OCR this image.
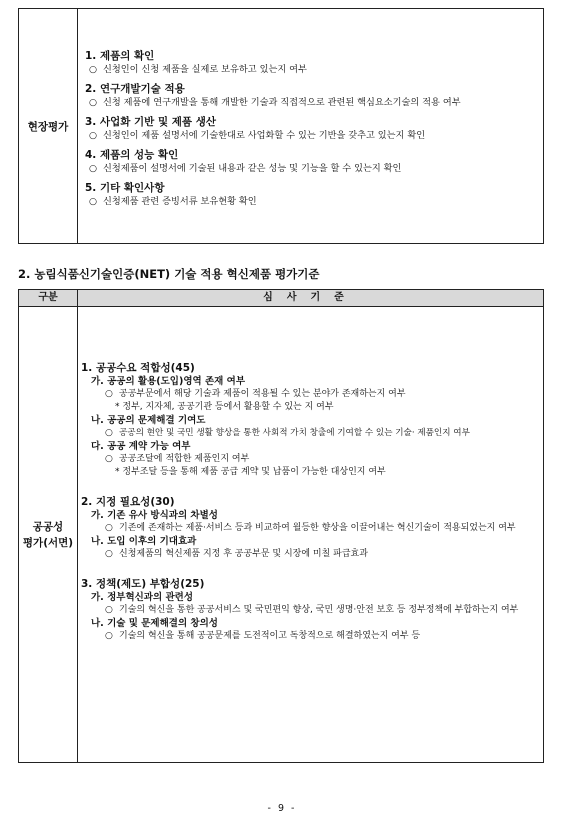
현장평가

1. 제품의 확인

○ 신청인이 신청 제품을 실제로 보유하고 있는지 여부

2. 연구개발기술 적용

○ 신청 제품에 연구개발을 통해 개발한 기술과 직접적으로 관련된 핵심요소기술의 적용 여부

3. 사업화 기반 및 제품 생산

○ 신청인이 제품 설명서에 기술한대로 사업화할 수 있는 기반을 갖추고 있는지 확인

4. 제품의 성능 확인

○ 신청제품이 설명서에 기술된 내용과 같은 성능 및 기능을 할 수 있는지 확인

5. 기타 확인사항

○ 신청제품 관련 증빙서류 보유현황 확인

2. 농림식품신기술인증(NET) 기술 적용 혁신제품 평가기준
구분	심사기준
공공성
평가(서면)

1. 공공수요 적합성(45)

가. 공공의 활용(도입)영역 존재 여부

○ 공공부문에서 해당 기술과 제품이 적용될 수 있는 분야가 존재하는지 여부

* 정부, 지자체, 공공기관 등에서 활용할 수 있는 지 여부

나. 공공의 문제해결 기여도

○ 공공의 현안 및 국민 생활 향상을 통한 사회적 가치 창출에 기여할 수 있는 기술· 제품인지 여부

다. 공공 계약 가능 여부

○ 공공조달에 적합한 제품인지 여부

* 정부조달 등을 통해 제품 공급 계약 및 납품이 가능한 대상인지 여부

2. 지정 필요성(30)

가. 기존 유사 방식과의 차별성

○ 기존에 존재하는 제품·서비스 등과 비교하여 월등한 향상을 이끌어내는 혁신기술이 적용되었는지 여부

나. 도입 이후의 기대효과

○ 신청제품의 혁신제품 지정 후 공공부문 및 시장에 미칠 파급효과

3. 정책(제도) 부합성(25)

가. 정부혁신과의 관련성

○ 기술의 혁신을 통한 공공서비스 및 국민편익 향상, 국민 생명·안전 보호 등 정부정책에 부합하는지 여부

나. 기술 및 문제해결의 창의성

○ 기술의 혁신을 통해 공공문제를 도전적이고 독창적으로 해결하였는지 여부 등

- 9 -
